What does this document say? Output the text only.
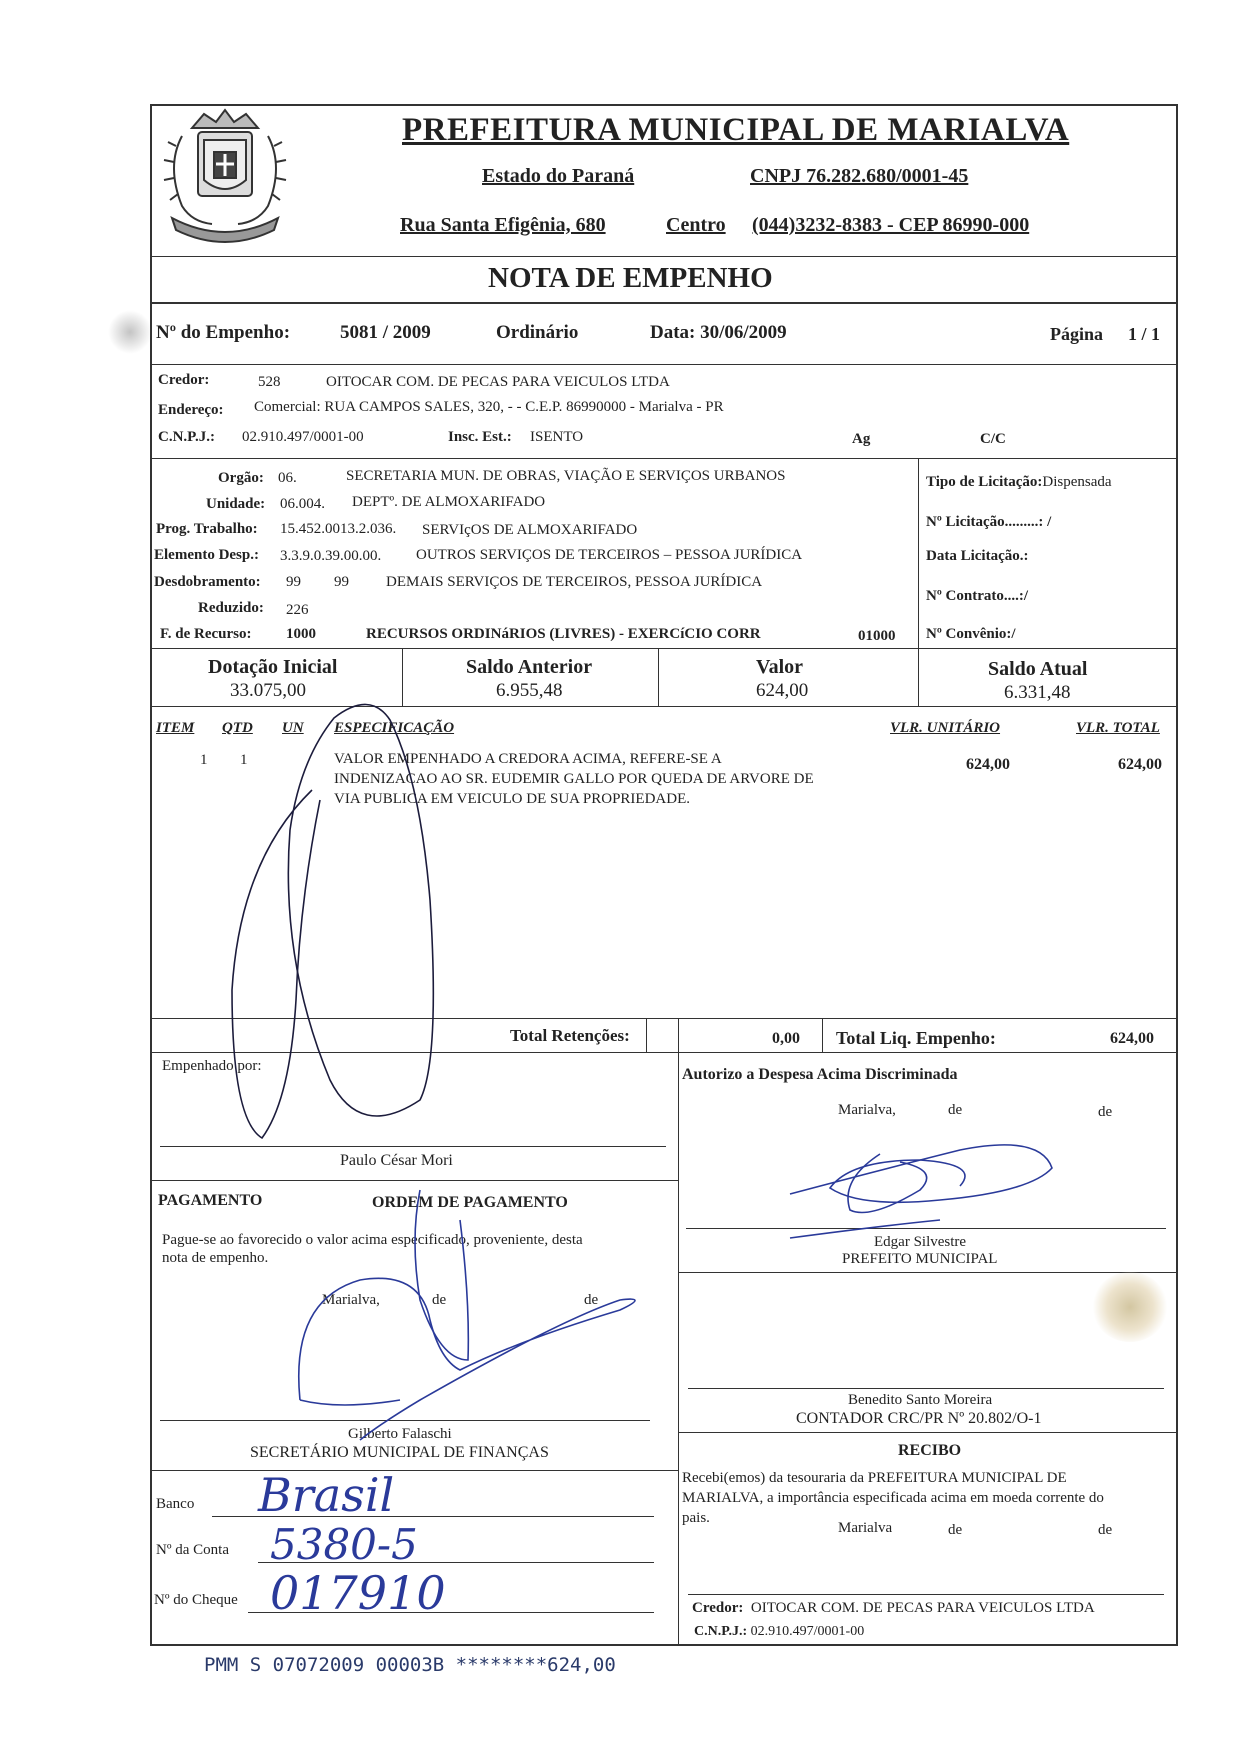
PREFEITURA MUNICIPAL DE MARIALVA
Estado do Paraná	CNPJ 76.282.680/0001-45
Rua Santa Efigênia, 680	Centro (044)3232-8383 - CEP 86990-000
NOTA DE EMPENHO
Nº do Empenho:	5081 / 2009	Ordinário	Data: 30/06/2009	Página 1 / 1
Credor:	528	OITOCAR COM. DE PECAS PARA VEICULOS LTDA
Endereço: Comercial: RUA CAMPOS SALES, 320, - - C.E.P. 86990000 - Marialva - PR
C.N.P.J.: 02.910.497/0001-00	Insc. Est.: ISENTO	Ag	C/C
Orgão: 06.	SECRETARIA MUN. DE OBRAS, VIAÇÃO E SERVIÇOS URBANOS
Unidade: 06.004. DEPTº. DE ALMOXARIFADO
Prog. Trabalho: 15.452.0013.2.036. SERVIçOS DE ALMOXARIFADO
Elemento Desp.: 3.3.9.0.39.00.00. OUTROS SERVIÇOS DE TERCEIROS – PESSOA JURÍDICA
Desdobramento: 99 99 DEMAIS SERVIÇOS DE TERCEIROS, PESSOA JURÍDICA
Reduzido: 226
F. de Recurso: 1000	RECURSOS ORDINáRIOS (LIVRES) - EXERCíCIO CORR	01000
Tipo de Licitação:Dispensada
Nº Licitação.........: /
Data Licitação.:
Nº Contrato....:/
Nº Convênio:/
Dotação Inicial
33.075,00
Saldo Anterior
6.955,48
Valor
624,00
Saldo Atual
6.331,48
ITEM QTD UN ESPECIFICAÇÃO	VLR. UNITÁRIO	VLR. TOTAL
1 1	VALOR EMPENHADO A CREDORA ACIMA, REFERE-SE A
INDENIZACAO AO SR. EUDEMIR GALLO POR QUEDA DE ARVORE DE
VIA PUBLICA EM VEICULO DE SUA PROPRIEDADE.
624,00	624,00
Total Retenções:	0,00 Total Liq. Empenho:	624,00
Empenhado por:
Paulo César Mori
Autorizo a Despesa Acima Discriminada
Marialva,	de	de
Edgar Silvestre
PREFEITO MUNICIPAL
PAGAMENTO	ORDEM DE PAGAMENTO
Pague-se ao favorecido o valor acima especificado, proveniente, desta
nota de empenho.
Marialva,	de	de
Gilberto Falaschi
SECRETÁRIO MUNICIPAL DE FINANÇAS
Benedito Santo Moreira
CONTADOR CRC/PR Nº 20.802/O-1
RECIBO
Recebi(emos) da tesouraria da PREFEITURA MUNICIPAL DE
MARIALVA, a importância especificada acima em moeda corrente do
pais.
Marialva	de	de
Credor: OITOCAR COM. DE PECAS PARA VEICULOS LTDA
C.N.P.J.: 02.910.497/0001-00
Banco Brasil
Nº da Conta 5380-5
Nº do Cheque 017910
PMM S 07072009 00003B ********624,00
